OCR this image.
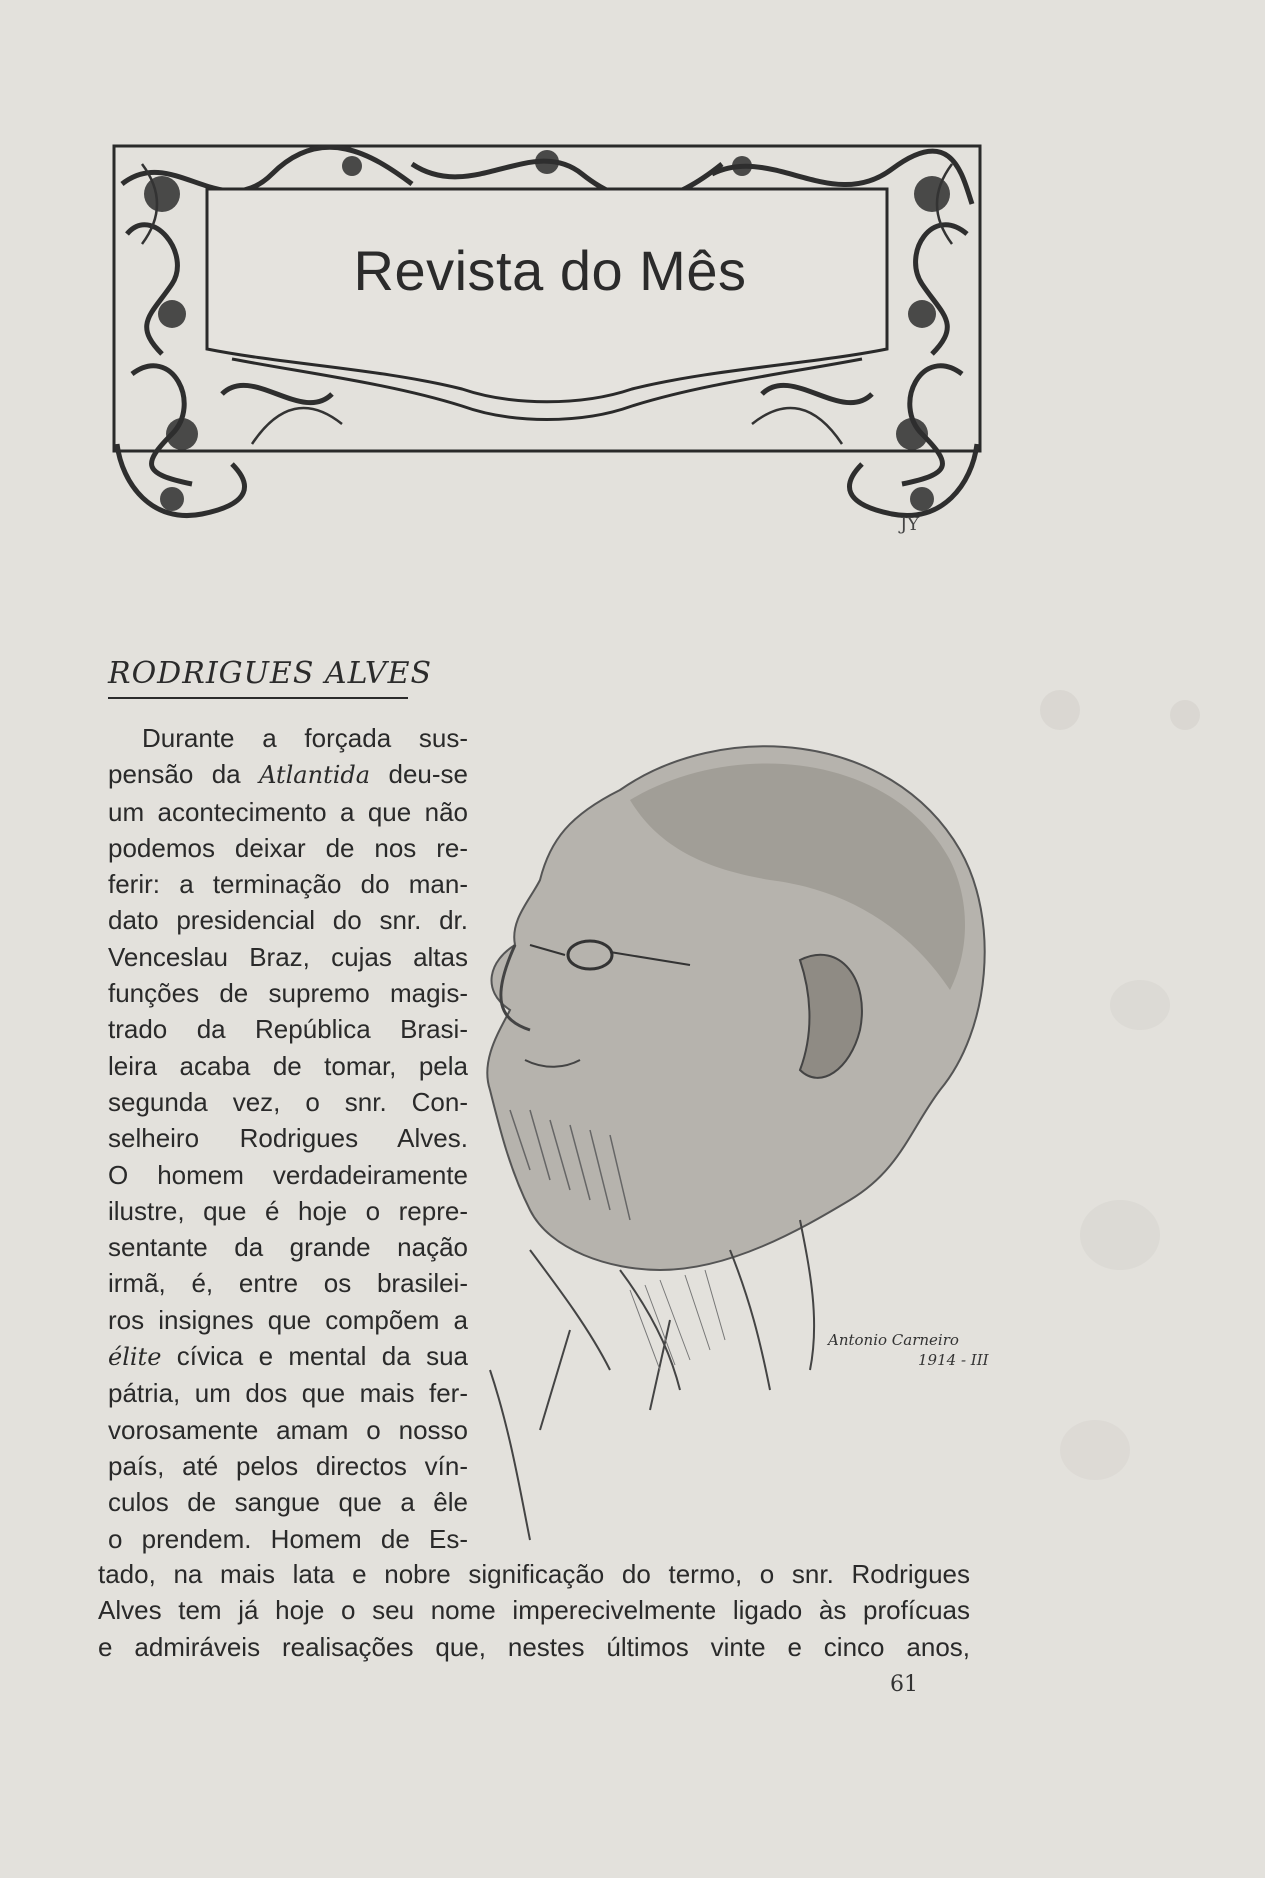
Revista do Mês
JY
RODRIGUES ALVES
Durante a forçada sus-
pensão da Atlantida deu-se
um acontecimento a que não
podemos deixar de nos re-
ferir: a terminação do man-
dato presidencial do snr. dr.
Venceslau Braz, cujas altas
funções de supremo magis-
trado da República Brasi-
leira acaba de tomar, pela
segunda vez, o snr. Con-
selheiro Rodrigues Alves.
O homem verdadeiramente
ilustre, que é hoje o repre-
sentante da grande nação
irmã, é, entre os brasilei-
ros insignes que compõem a
élite cívica e mental da sua
pátria, um dos que mais fer-
vorosamente amam o nosso
país, até pelos directos vín-
culos de sangue que a êle
o prendem. Homem de Es-
Antonio Carneiro
1914 - III
tado, na mais lata e nobre significação do termo, o snr. Rodrigues
Alves tem já hoje o seu nome imperecivelmente ligado às profícuas
e admiráveis realisações que, nestes últimos vinte e cinco anos,
61
